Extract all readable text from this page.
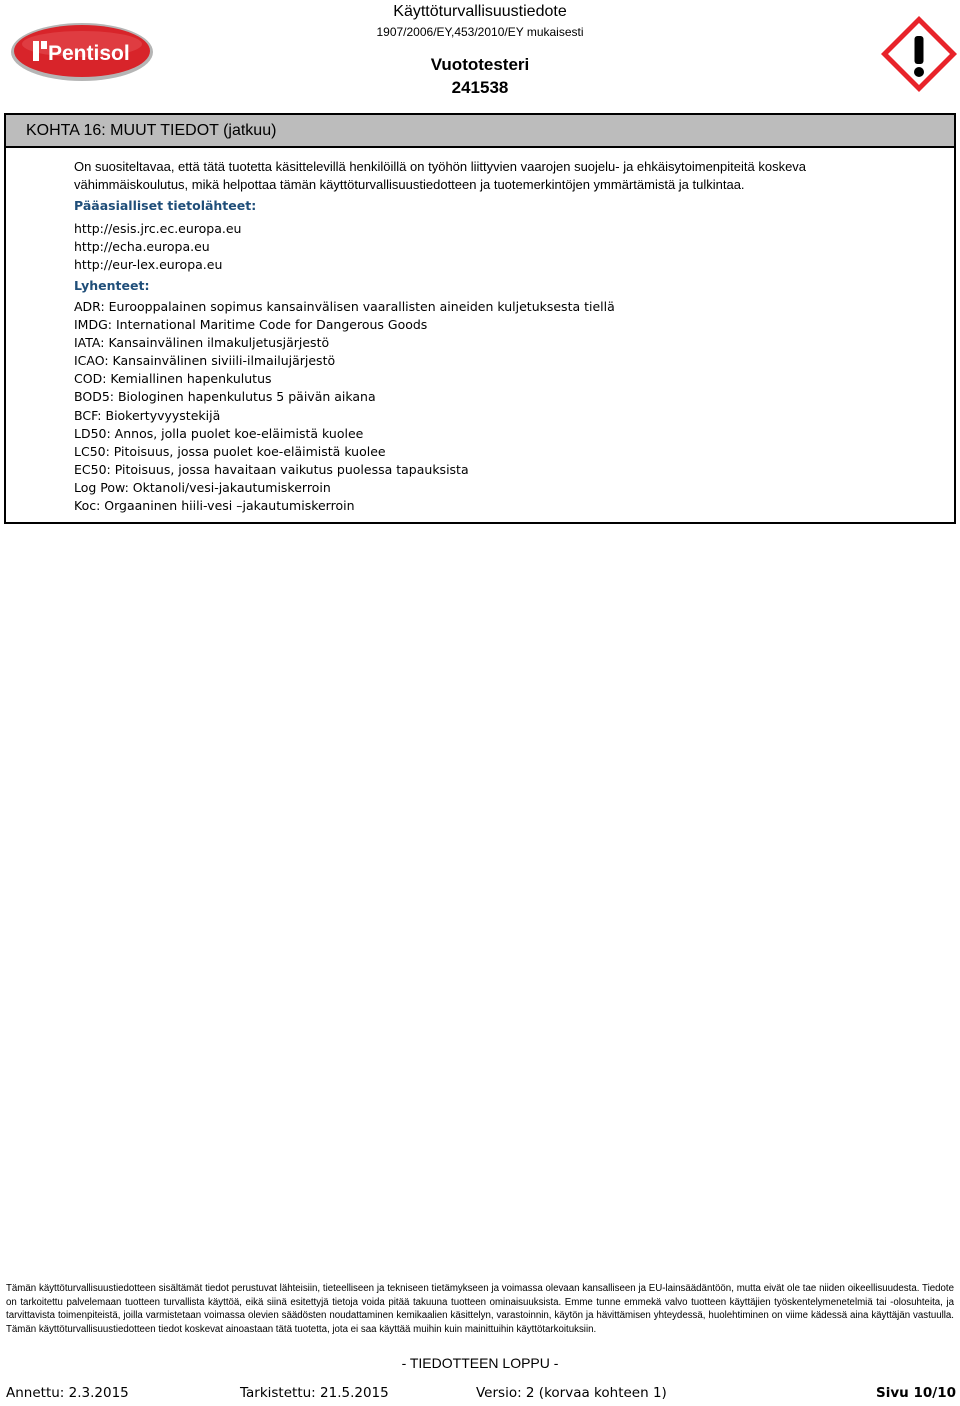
Pentisol
Käyttöturvallisuustiedote
1907/2006/EY,453/2010/EY mukaisesti
Vuototesteri
241538
KOHTA 16: MUUT TIEDOT (jatkuu)
On suositeltavaa, että tätä tuotetta käsittelevillä henkilöillä on työhön liittyvien vaarojen suojelu- ja ehkäisytoimenpiteitä koskeva
vähimmäiskoulutus, mikä helpottaa tämän käyttöturvallisuustiedotteen ja tuotemerkintöjen ymmärtämistä ja tulkintaa.
Pääasialliset tietolähteet:
http://esis.jrc.ec.europa.eu
http://echa.europa.eu
http://eur-lex.europa.eu
Lyhenteet:
ADR: Eurooppalainen sopimus kansainvälisen vaarallisten aineiden kuljetuksesta tiellä
IMDG: International Maritime Code for Dangerous Goods
IATA: Kansainvälinen ilmakuljetusjärjestö
ICAO: Kansainvälinen siviili-ilmailujärjestö
COD: Kemiallinen hapenkulutus
BOD5: Biologinen hapenkulutus 5 päivän aikana
BCF: Biokertyvyystekijä
LD50: Annos, jolla puolet koe-eläimistä kuolee
LC50: Pitoisuus, jossa puolet koe-eläimistä kuolee
EC50: Pitoisuus, jossa havaitaan vaikutus puolessa tapauksista
Log Pow: Oktanoli/vesi-jakautumiskerroin
Koc: Orgaaninen hiili-vesi –jakautumiskerroin
Tämän käyttöturvallisuustiedotteen sisältämät tiedot perustuvat lähteisiin, tieteelliseen ja tekniseen tietämykseen ja voimassa olevaan kansalliseen ja EU-lainsäädäntöön, mutta eivät ole tae niiden oikeellisuudesta. Tiedote on tarkoitettu palvelemaan tuotteen turvallista käyttöä, eikä siinä esitettyjä tietoja voida pitää takuuna tuotteen ominaisuuksista. Emme tunne emmekä valvo tuotteen käyttäjien työskentelymenetelmiä tai -olosuhteita, ja tarvittavista toimenpiteistä, joilla varmistetaan voimassa olevien säädösten noudattaminen kemikaalien käsittelyn, varastoinnin, käytön ja hävittämisen yhteydessä, huolehtiminen on viime kädessä aina käyttäjän vastuulla. Tämän käyttöturvallisuustiedotteen tiedot koskevat ainoastaan tätä tuotetta, jota ei saa käyttää muihin kuin mainittuihin käyttötarkoituksiin.
- TIEDOTTEEN LOPPU -
Annettu: 2.3.2015	Tarkistettu: 21.5.2015	Versio: 2 (korvaa kohteen 1)	Sivu 10/10
